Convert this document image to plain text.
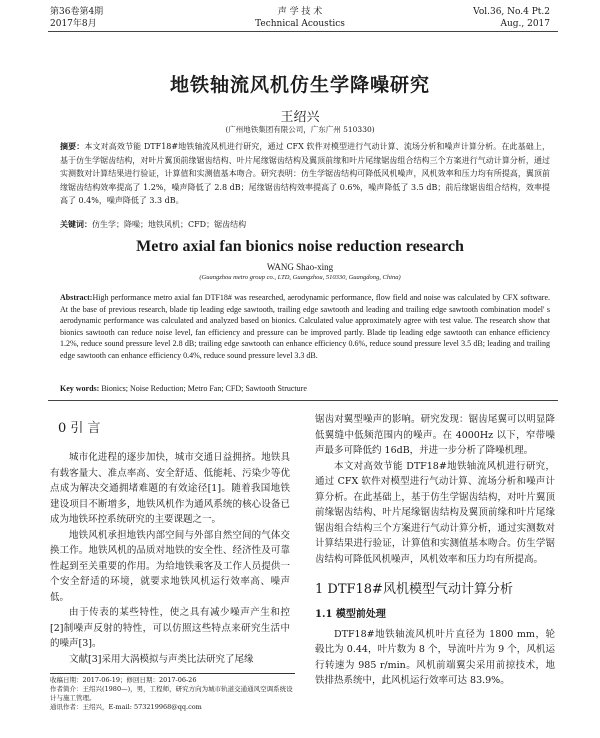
第36卷第4期
2017年8月
声 学 技 术
Technical Acoustics
Vol.36, No.4 Pt.2
Aug., 2017
地铁轴流风机仿生学降噪研究
王绍兴
(广州地铁集团有限公司，广东广州 510330)
摘要：本文对高效节能 DTF18#地铁轴流风机进行研究，通过 CFX 软件对模型进行气动计算、流场分析和噪声计算分析。在此基础上，基于仿生学锯齿结构，对叶片翼顶前缘锯齿结构、叶片尾缘锯齿结构及翼顶前缘和叶片尾缘锯齿组合结构三个方案进行气动计算分析，通过实测数对计算结果进行验证，计算值和实测值基本吻合。研究表明：仿生学锯齿结构可降低风机噪声，风机效率和压力均有所提高，翼顶前缘锯齿结构效率提高了 1.2%，噪声降低了 2.8 dB；尾缘锯齿结构效率提高了 0.6%，噪声降低了 3.5 dB；前后缘锯齿组合结构，效率提高了 0.4%，噪声降低了 3.3 dB。
关键词：仿生学；降噪；地铁风机；CFD；锯齿结构
Metro axial fan bionics noise reduction research
WANG Shao-xing
(Guangzhou metro group co., LTD, Guangzhou, 510330, Guangdong, China)
Abstract:High performance metro axial fan DTF18# was researched, aerodynamic performance, flow field and noise was calculated by CFX software. At the base of previous research, blade tip leading edge sawtooth, trailing edge sawtooth and leading and trailing edge sawtooth combination model' s aerodynamic performance was calculated and analyzed based on bionics. Calculated value approximately agree with test value. The research show that bionics sawtooth can reduce noise level, fan efficiency and pressure can be improved partly. Blade tip leading edge sawtooth can enhance efficiency 1.2%, reduce sound pressure level 2.8 dB; trailing edge sawtooth can enhance efficiency 0.6%, reduce sound pressure level 3.5 dB; leading and trailing edge sawtooth can enhance efficiency 0.4%, reduce sound pressure level 3.3 dB.
Key words: Bionics; Noise Reduction; Metro Fan; CFD; Sawtooth Structure
0 引 言

城市化进程的逐步加快，城市交通日益拥挤。地铁具有载客量大、准点率高、安全舒适、低能耗、污染少等优点成为解决交通拥堵难题的有效途径[1]。随着我国地铁建设项目不断增多，地铁风机作为通风系统的核心设备已成为地铁环控系统研究的主要课题之一。

地铁风机承担地铁内部空间与外部自然空间的气体交换工作。地铁风机的品质对地铁的安全性、经济性及可靠性起到至关重要的作用。为给地铁乘客及工作人员提供一个安全舒适的环境，就要求地铁风机运行效率高、噪声低。

由于传表的某些特性，使之具有减少噪声产生和控[2]制噪声反射的特性，可以仿照这些特点来研究生活中的噪声[3]。

文献[3]采用大涡模拟与声类比法研究了尾缘

收稿日期：2017-06-19；修回日期：2017-06-26
作者简介：王绍兴(1980—)，男，工程师，研究方向为城市轨道交通通风空调系统设计与施工管理。
通讯作者：王绍兴，E-mail: 573219968@qq.com
锯齿对翼型噪声的影响。研究发现：锯齿尾翼可以明显降低翼缝中低频范围内的噪声。在 4000Hz 以下，窄带噪声最多可降低约 16dB，并进一步分析了降噪机理。

本文对高效节能 DTF18#地铁轴流风机进行研究，通过 CFX 软件对模型进行气动计算、流场分析和噪声计算分析。在此基础上，基于仿生学锯齿结构，对叶片翼顶前缘锯齿结构、叶片尾缘锯齿结构及翼顶前缘和叶片尾缘锯齿组合结构三个方案进行气动计算分析，通过实测数对计算结果进行验证，计算值和实测值基本吻合。仿生学锯齿结构可降低风机噪声，风机效率和压力均有所提高。

1 DTF18#风机模型气动计算分析
1.1 模型前处理

DTF18#地铁轴流风机叶片直径为 1800 mm，轮毂比为 0.44，叶片数为 8 个，导流叶片为 9 个，风机运行转速为 985 r/min。风机前端翼尖采用前掠技术，地铁排热系统中，此风机运行效率可达 83.9%。
